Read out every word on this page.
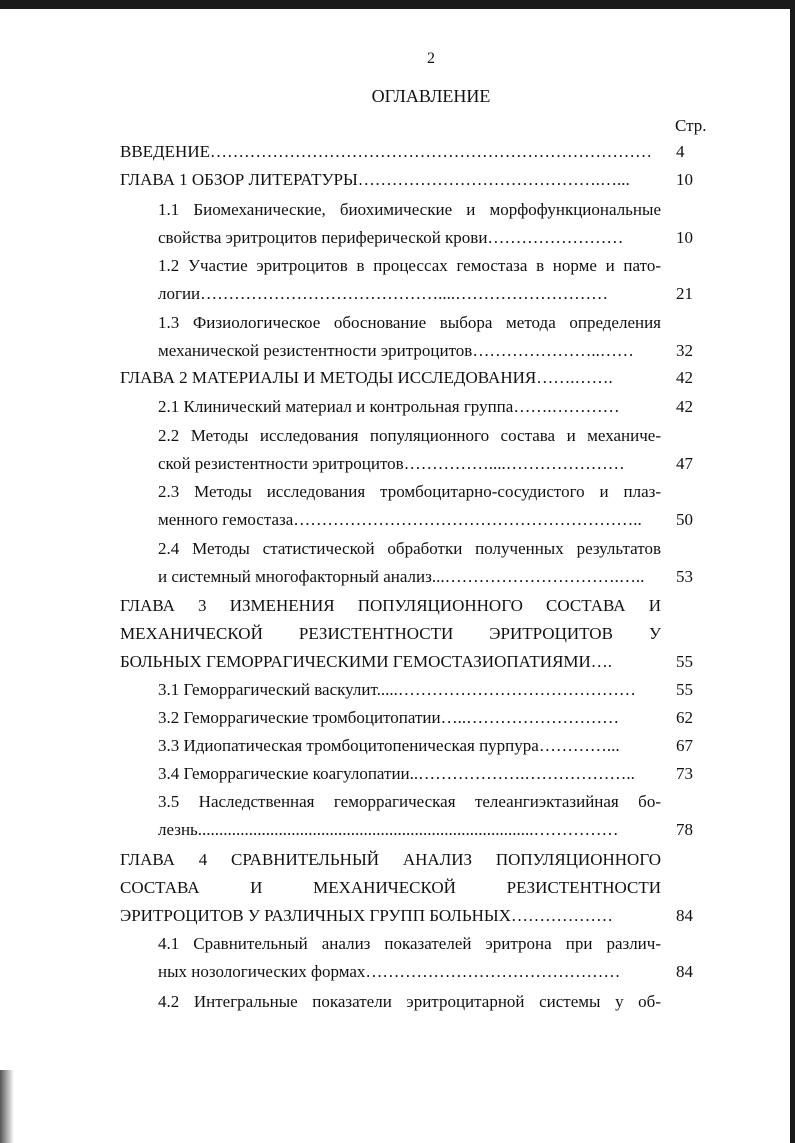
2
ОГЛАВЛЕНИЕ
Стр.
ВВЕДЕНИЕ……………………………………………………………………	4
ГЛАВА 1 ОБЗОР ЛИТЕРАТУРЫ…………………………………….…...	10
1.1 Биомеханические, биохимические и морфофункциональные
свойства эритроцитов периферической крови……………………	10
1.2 Участие эритроцитов в процессах гемостаза в норме и пато-
логии……………………………………....………………………	21
1.3 Физиологическое обоснование выбора метода определения
механической резистентности эритроцитов…………………..……	32
ГЛАВА 2 МАТЕРИАЛЫ И МЕТОДЫ ИССЛЕДОВАНИЯ…….…….	42
2.1 Клинический материал и контрольная группа…….…………	42
2.2 Методы исследования популяционного состава и механиче-
ской резистентности эритроцитов……………....…………………	47
2.3 Методы исследования тромбоцитарно-сосудистого и плаз-
менного гемостаза……………………………………………………..	50
2.4 Методы статистической обработки полученных результатов
и системный многофакторный анализ...………………………….…..	53
ГЛАВА 3 ИЗМЕНЕНИЯ ПОПУЛЯЦИОННОГО СОСТАВА И
МЕХАНИЧЕСКОЙ РЕЗИСТЕНТНОСТИ ЭРИТРОЦИТОВ У
БОЛЬНЫХ ГЕМОРРАГИЧЕСКИМИ ГЕМОСТАЗИОПАТИЯМИ….	55
3.1 Геморрагический васкулит.....……………………………………	55
3.2 Геморрагические тромбоцитопатии…..………………………	62
3.3 Идиопатическая тромбоцитопеническая пурпура…………...	67
3.4 Геморрагические коагулопатии..……………….………………..	73
3.5 Наследственная геморрагическая телеангиэктазийная бо-
лезнь...............................................................................……………	78
ГЛАВА 4 СРАВНИТЕЛЬНЫЙ АНАЛИЗ ПОПУЛЯЦИОННОГО
СОСТАВА И МЕХАНИЧЕСКОЙ РЕЗИСТЕНТНОСТИ
ЭРИТРОЦИТОВ У РАЗЛИЧНЫХ ГРУПП БОЛЬНЫХ………………	84
4.1 Сравнительный анализ показателей эритрона при различ-
ных нозологических формах………………………………………	84
4.2 Интегральные показатели эритроцитарной системы у об-
